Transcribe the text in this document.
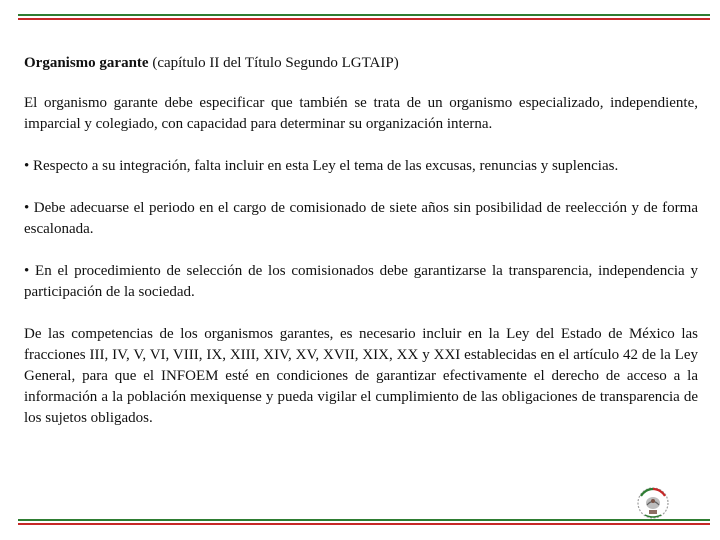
Organismo garante (capítulo II del Título Segundo LGTAIP)

El organismo garante debe especificar que también se trata de un organismo especializado, independiente, imparcial y colegiado, con capacidad para determinar su organización interna.

• Respecto a su integración, falta incluir en esta Ley el tema de las excusas, renuncias y suplencias.

• Debe adecuarse el periodo en el cargo de comisionado de siete años sin posibilidad de reelección y de forma escalonada.

• En el procedimiento de selección de los comisionados debe garantizarse la transparencia, independencia y participación de la sociedad.

De las competencias de los organismos garantes, es necesario incluir en la Ley del Estado de México las fracciones III, IV, V, VI, VIII, IX, XIII, XIV, XV, XVII, XIX, XX y XXI establecidas en el artículo 42 de la Ley General, para que el INFOEM esté en condiciones de garantizar efectivamente el derecho de acceso a la información a la población mexiquense y pueda vigilar el cumplimiento de las obligaciones de transparencia de los sujetos obligados.
